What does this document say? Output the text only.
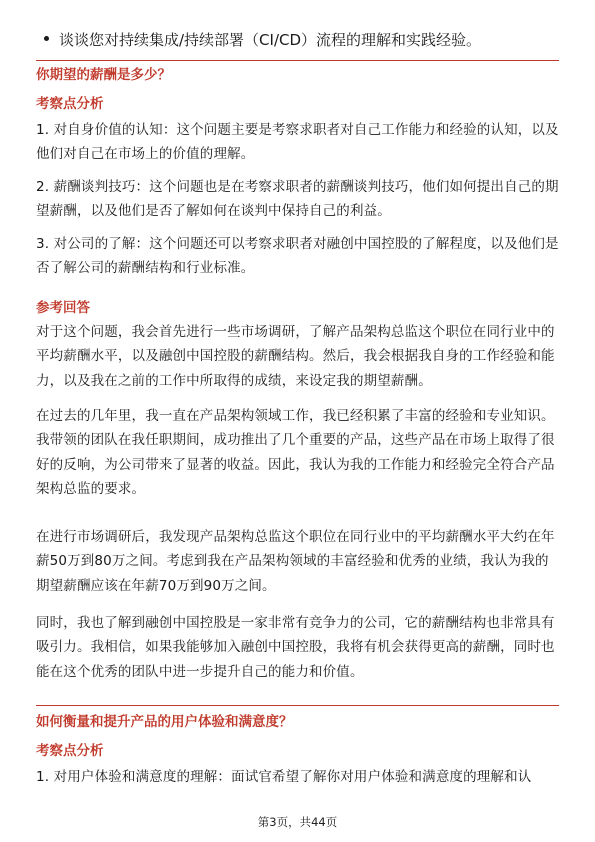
谈谈您对持续集成/持续部署（CI/CD）流程的理解和实践经验。
你期望的薪酬是多少？
考察点分析
1. 对自身价值的认知：这个问题主要是考察求职者对自己工作能力和经验的认知，以及他们对自己在市场上的价值的理解。
2. 薪酬谈判技巧：这个问题也是在考察求职者的薪酬谈判技巧，他们如何提出自己的期望薪酬，以及他们是否了解如何在谈判中保持自己的利益。
3. 对公司的了解：这个问题还可以考察求职者对融创中国控股的了解程度，以及他们是否了解公司的薪酬结构和行业标准。
参考回答
对于这个问题，我会首先进行一些市场调研，了解产品架构总监这个职位在同行业中的平均薪酬水平，以及融创中国控股的薪酬结构。然后，我会根据我自身的工作经验和能力，以及我在之前的工作中所取得的成绩，来设定我的期望薪酬。
在过去的几年里，我一直在产品架构领域工作，我已经积累了丰富的经验和专业知识。我带领的团队在我任职期间，成功推出了几个重要的产品，这些产品在市场上取得了很好的反响，为公司带来了显著的收益。因此，我认为我的工作能力和经验完全符合产品架构总监的要求。
在进行市场调研后，我发现产品架构总监这个职位在同行业中的平均薪酬水平大约在年薪50万到80万之间。考虑到我在产品架构领域的丰富经验和优秀的业绩，我认为我的期望薪酬应该在年薪70万到90万之间。
同时，我也了解到融创中国控股是一家非常有竞争力的公司，它的薪酬结构也非常具有吸引力。我相信，如果我能够加入融创中国控股，我将有机会获得更高的薪酬，同时也能在这个优秀的团队中进一步提升自己的能力和价值。
如何衡量和提升产品的用户体验和满意度？
考察点分析
1. 对用户体验和满意度的理解：面试官希望了解你对用户体验和满意度的理解和认
第3页，共44页
